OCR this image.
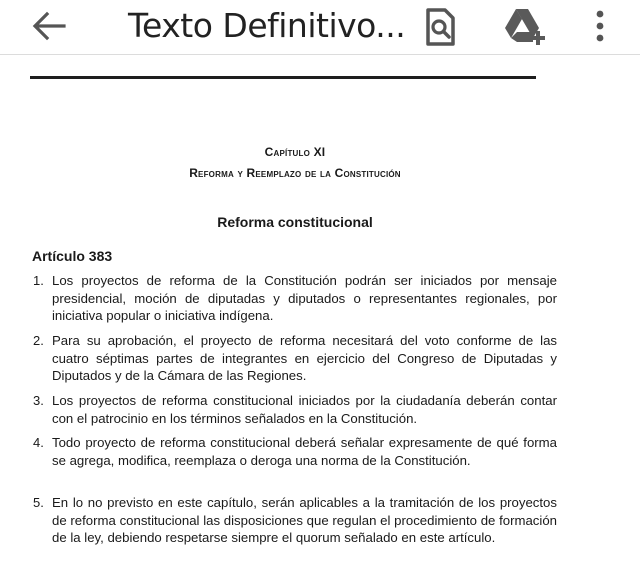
Texto Definitivo...
Capítulo XI
Reforma y Reemplazo de la Constitución
Reforma constitucional
Artículo 383
1. Los proyectos de reforma de la Constitución podrán ser iniciados por mensaje presidencial, moción de diputadas y diputados o representantes regionales, por iniciativa popular o iniciativa indígena.
2. Para su aprobación, el proyecto de reforma necesitará del voto conforme de las cuatro séptimas partes de integrantes en ejercicio del Congreso de Diputadas y Diputados y de la Cámara de las Regiones.
3. Los proyectos de reforma constitucional iniciados por la ciudadanía deberán contar con el patrocinio en los términos señalados en la Constitución.
4. Todo proyecto de reforma constitucional deberá señalar expresamente de qué forma se agrega, modifica, reemplaza o deroga una norma de la Constitución.
5. En lo no previsto en este capítulo, serán aplicables a la tramitación de los proyectos de reforma constitucional las disposiciones que regulan el procedimiento de formación de la ley, debiendo respetarse siempre el quorum señalado en este artículo.
